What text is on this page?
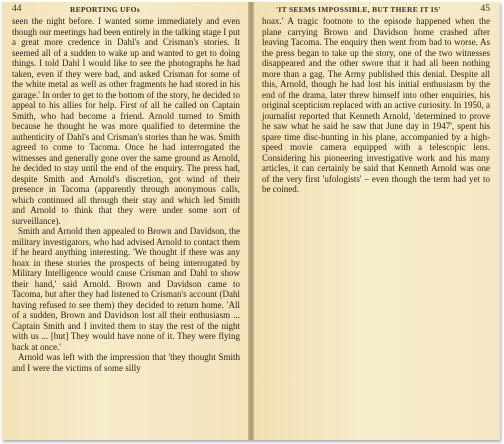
44	REPORTING UFOs

seen the night before. I wanted some immediately and even though our meetings had been entirely in the talking stage I put a great more credence in Dahl's and Crisman's stories. It seemed all of a sudden to wake up and wanted to get to doing things. I told Dahl I would like to see the photographs he had taken, even if they were bad, and asked Crisman for some of the white metal as well as other fragments he had stored in his garage.' In order to get to the bottom of the story, he decided to appeal to his allies for help. First of all he called on Captain Smith, who had become a friend. Arnold turned to Smith because he thought he was more qualified to determine the authenticity of Dahl's and Crisman's stories than he was. Smith agreed to come to Tacoma. Once he had interrogated the witnesses and generally gone over the same ground as Arnold, he decided to stay until the end of the enquiry. The press had, despite Smith and Arnold's discretion, got wind of their presence in Tacoma (apparently through anonymous calls, which continued all through their stay and which led Smith and Arnold to think that they were under some sort of surveillance).

Smith and Arnold then appealed to Brown and Davidson, the military investigators, who had advised Arnold to contact them if he heard anything interesting. 'We thought if there was any hoax in these stories the prospects of being interrogated by Military Intelligence would cause Crisman and Dahl to show their hand,' said Arnold. Brown and Davidson came to Tacoma, but after they had listened to Crisman's account (Dahl having refused to see them) they decided to return home. 'All of a sudden, Brown and Davidson lost all their enthusiasm ... Captain Smith and I invited them to stay the rest of the night with us ... [but] They would have none of it. They were flying back at once.'

Arnold was left with the impression that 'they thought Smith and I were the victims of some silly

'IT SEEMS IMPOSSIBLE, BUT THERE IT IS'	45

hoax.' A tragic footnote to the episode happened when the plane carrying Brown and Davidson home crashed after leaving Tacoma. The enquiry then went from bad to worse. As the press began to take up the story, one of the two witnesses disappeared and the other swore that it had all been nothing more than a gag. The Army published this denial. Despite all this, Arnold, though he had lost his initial enthusiasm by the end of the drama, later threw himself into other enquiries, his original scepticism replaced with an active curiosity. In 1950, a journalist reported that Kenneth Arnold, 'determined to prove he saw what he said he saw that June day in 1947', spent his spare time disc-hunting in his plane, accompanied by a high-speed movie camera equipped with a telescopic lens. Considering his pioneering investigative work and his many articles, it can certainly be said that Kenneth Arnold was one of the very first 'ufologists' – even though the term had yet to be coined.
